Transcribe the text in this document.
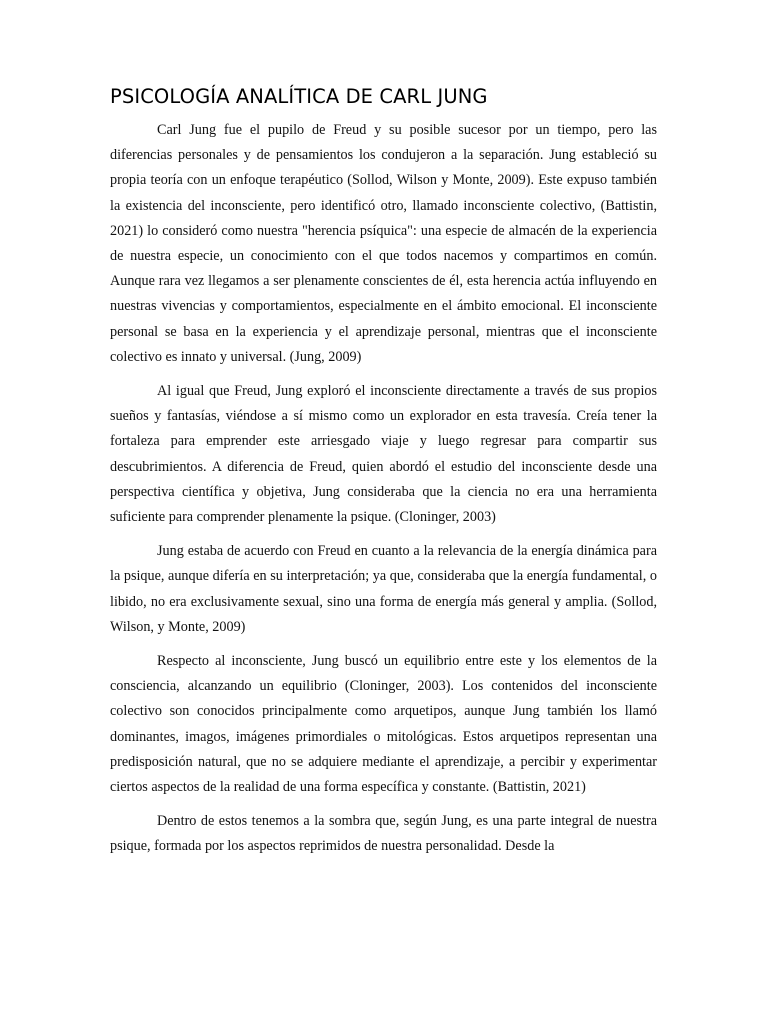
PSICOLOGÍA ANALÍTICA DE CARL JUNG

Carl Jung fue el pupilo de Freud y su posible sucesor por un tiempo, pero las diferencias personales y de pensamientos los condujeron a la separación. Jung estableció su propia teoría con un enfoque terapéutico (Sollod, Wilson y Monte, 2009). Este expuso también la existencia del inconsciente, pero identificó otro, llamado inconsciente colectivo, (Battistin, 2021) lo consideró como nuestra "herencia psíquica": una especie de almacén de la experiencia de nuestra especie, un conocimiento con el que todos nacemos y compartimos en común. Aunque rara vez llegamos a ser plenamente conscientes de él, esta herencia actúa influyendo en nuestras vivencias y comportamientos, especialmente en el ámbito emocional. El inconsciente personal se basa en la experiencia y el aprendizaje personal, mientras que el inconsciente colectivo es innato y universal. (Jung, 2009)

Al igual que Freud, Jung exploró el inconsciente directamente a través de sus propios sueños y fantasías, viéndose a sí mismo como un explorador en esta travesía. Creía tener la fortaleza para emprender este arriesgado viaje y luego regresar para compartir sus descubrimientos. A diferencia de Freud, quien abordó el estudio del inconsciente desde una perspectiva científica y objetiva, Jung consideraba que la ciencia no era una herramienta suficiente para comprender plenamente la psique. (Cloninger, 2003)

Jung estaba de acuerdo con Freud en cuanto a la relevancia de la energía dinámica para la psique, aunque difería en su interpretación; ya que, consideraba que la energía fundamental, o libido, no era exclusivamente sexual, sino una forma de energía más general y amplia. (Sollod, Wilson, y Monte, 2009)

Respecto al inconsciente, Jung buscó un equilibrio entre este y los elementos de la consciencia, alcanzando un equilibrio (Cloninger, 2003). Los contenidos del inconsciente colectivo son conocidos principalmente como arquetipos, aunque Jung también los llamó dominantes, imagos, imágenes primordiales o mitológicas. Estos arquetipos representan una predisposición natural, que no se adquiere mediante el aprendizaje, a percibir y experimentar ciertos aspectos de la realidad de una forma específica y constante. (Battistin, 2021)

Dentro de estos tenemos a la sombra que, según Jung, es una parte integral de nuestra psique, formada por los aspectos reprimidos de nuestra personalidad. Desde la
